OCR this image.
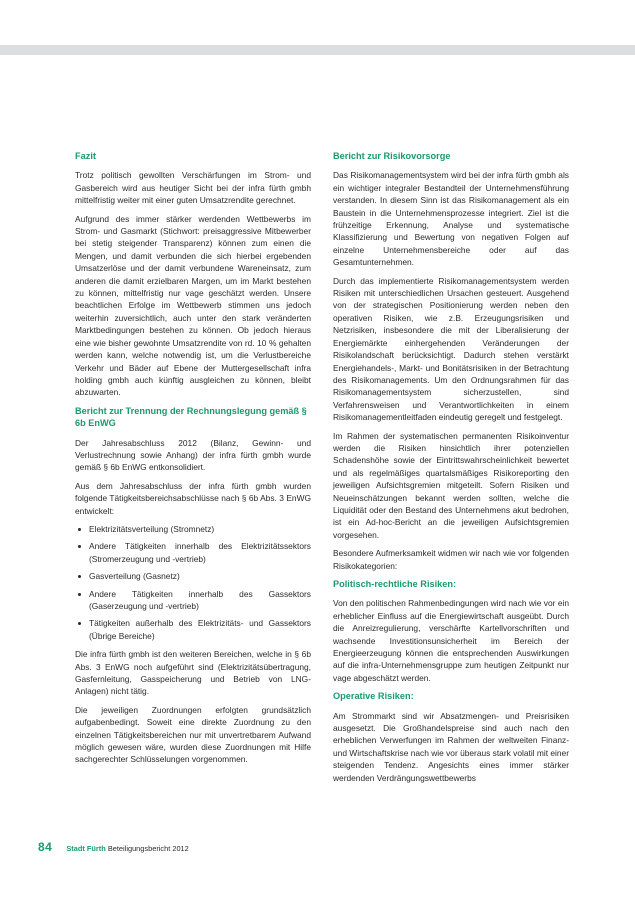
Fazit

Trotz politisch gewollten Verschärfungen im Strom- und Gasbereich wird aus heutiger Sicht bei der infra fürth gmbh mittelfristig weiter mit einer guten Umsatzrendite gerechnet.

Aufgrund des immer stärker werdenden Wettbewerbs im Strom- und Gasmarkt (Stichwort: preisaggressive Mitbewerber bei stetig steigender Transparenz) können zum einen die Mengen, und damit verbunden die sich hierbei ergebenden Umsatzerlöse und der damit verbundene Wareneinsatz, zum anderen die damit erzielbaren Margen, um im Markt bestehen zu können, mittelfristig nur vage geschätzt werden. Unsere beachtlichen Erfolge im Wettbewerb stimmen uns jedoch weiterhin zuversichtlich, auch unter den stark veränderten Marktbedingungen bestehen zu können. Ob jedoch hieraus eine wie bisher gewohnte Umsatzrendite von rd. 10 % gehalten werden kann, welche notwendig ist, um die Verlustbereiche Verkehr und Bäder auf Ebene der Muttergesellschaft infra holding gmbh auch künftig ausgleichen zu können, bleibt abzuwarten.

Bericht zur Trennung der Rechnungslegung gemäß § 6b EnWG

Der Jahresabschluss 2012 (Bilanz, Gewinn- und Verlustrechnung sowie Anhang) der infra fürth gmbh wurde gemäß § 6b EnWG entkonsolidiert.

Aus dem Jahresabschluss der infra fürth gmbh wurden folgende Tätigkeitsbereichsabschlüsse nach § 6b Abs. 3 EnWG entwickelt:

Elektrizitätsverteilung (Stromnetz)
Andere Tätigkeiten innerhalb des Elektrizitätssektors (Stromerzeugung und -vertrieb)
Gasverteilung (Gasnetz)
Andere Tätigkeiten innerhalb des Gassektors (Gaserzeugung und -vertrieb)
Tätigkeiten außerhalb des Elektrizitäts- und Gassektors (Übrige Bereiche)

Die infra fürth gmbh ist den weiteren Bereichen, welche in § 6b Abs. 3 EnWG noch aufgeführt sind (Elektrizitätsübertragung, Gasfernleitung, Gasspeicherung und Betrieb von LNG-Anlagen) nicht tätig.

Die jeweiligen Zuordnungen erfolgten grundsätzlich aufgabenbedingt. Soweit eine direkte Zuordnung zu den einzelnen Tätigkeitsbereichen nur mit unvertretbarem Aufwand möglich gewesen wäre, wurden diese Zuordnungen mit Hilfe sachgerechter Schlüsselungen vorgenommen.

Bericht zur Risikovorsorge

Das Risikomanagementsystem wird bei der infra fürth gmbh als ein wichtiger integraler Bestandteil der Unternehmensführung verstanden. In diesem Sinn ist das Risikomanagement als ein Baustein in die Unternehmensprozesse integriert. Ziel ist die frühzeitige Erkennung, Analyse und systematische Klassifizierung und Bewertung von negativen Folgen auf einzelne Unternehmensbereiche oder auf das Gesamtunternehmen.

Durch das implementierte Risikomanagementsystem werden Risiken mit unterschiedlichen Ursachen gesteuert. Ausgehend von der strategischen Positionierung werden neben den operativen Risiken, wie z.B. Erzeugungsrisiken und Netzrisiken, insbesondere die mit der Liberalisierung der Energiemärkte einhergehenden Veränderungen der Risikolandschaft berücksichtigt. Dadurch stehen verstärkt Energiehandels-, Markt- und Bonitätsrisiken in der Betrachtung des Risikomanagements. Um den Ordnungsrahmen für das Risikomanagementsystem sicherzustellen, sind Verfahrensweisen und Verantwortlichkeiten in einem Risikomanagementleitfaden eindeutig geregelt und festgelegt.

Im Rahmen der systematischen permanenten Risikoinventur werden die Risiken hinsichtlich ihrer potenziellen Schadenshöhe sowie der Eintrittswahrscheinlichkeit bewertet und als regelmäßiges quartalsmäßiges Risikoreporting den jeweiligen Aufsichtsgremien mitgeteilt. Sofern Risiken und Neueinschätzungen bekannt werden sollten, welche die Liquidität oder den Bestand des Unternehmens akut bedrohen, ist ein Ad-hoc-Bericht an die jeweiligen Aufsichtsgremien vorgesehen.

Besondere Aufmerksamkeit widmen wir nach wie vor folgenden Risikokategorien:

Politisch-rechtliche Risiken:

Von den politischen Rahmenbedingungen wird nach wie vor ein erheblicher Einfluss auf die Energiewirtschaft ausgeübt. Durch die Anreizregulierung, verschärfte Kartellvorschriften und wachsende Investitionsunsicherheit im Bereich der Energieerzeugung können die entsprechenden Auswirkungen auf die infra-Unternehmensgruppe zum heutigen Zeitpunkt nur vage abgeschätzt werden.

Operative Risiken:

Am Strommarkt sind wir Absatzmengen- und Preisrisiken ausgesetzt. Die Großhandelspreise sind auch nach den erheblichen Verwerfungen im Rahmen der weltweiten Finanz- und Wirtschaftskrise nach wie vor überaus stark volatil mit einer steigenden Tendenz. Angesichts eines immer stärker werdenden Verdrängungswettbewerbs

84 Stadt Fürth Beteiligungsbericht 2012
